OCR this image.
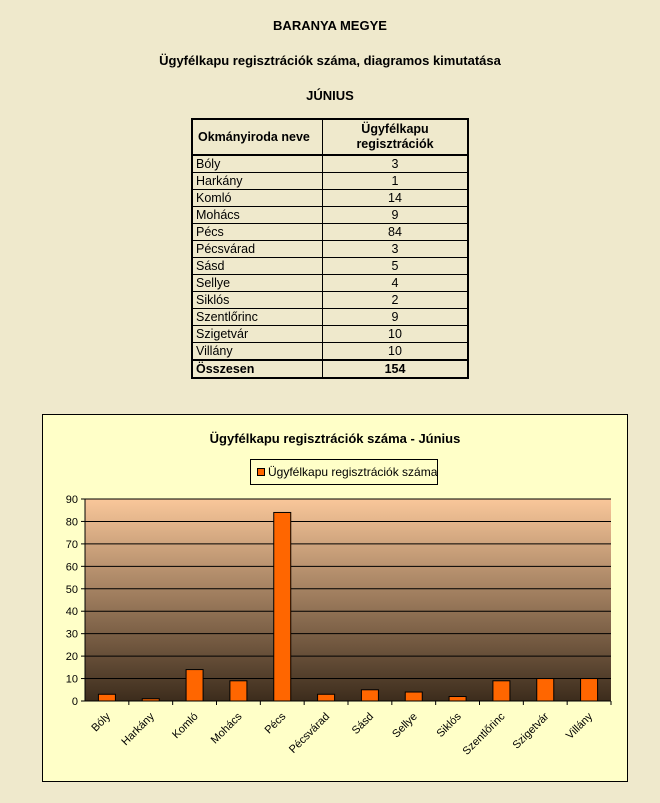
BARANYA MEGYE
Ügyfélkapu regisztrációk száma, diagramos kimutatása
JÚNIUS
Okmányiroda neve	Ügyfélkapu regisztrációk
Bóly	3
Harkány	1
Komló	14
Mohács	9
Pécs	84
Pécsvárad	3
Sásd	5
Sellye	4
Siklós	2
Szentlőrinc	9
Szigetvár	10
Villány	10
Összesen	154
Ügyfélkapu regisztrációk száma - Június
0
10
20
30
40
50
60
70
80
90
Bóly Harkány Komló Mohács Pécs
Pécsvárad Sásd Sellye Siklós
Szentlőrinc Szigetvár Villány
Ügyfélkapu regisztrációk száma
